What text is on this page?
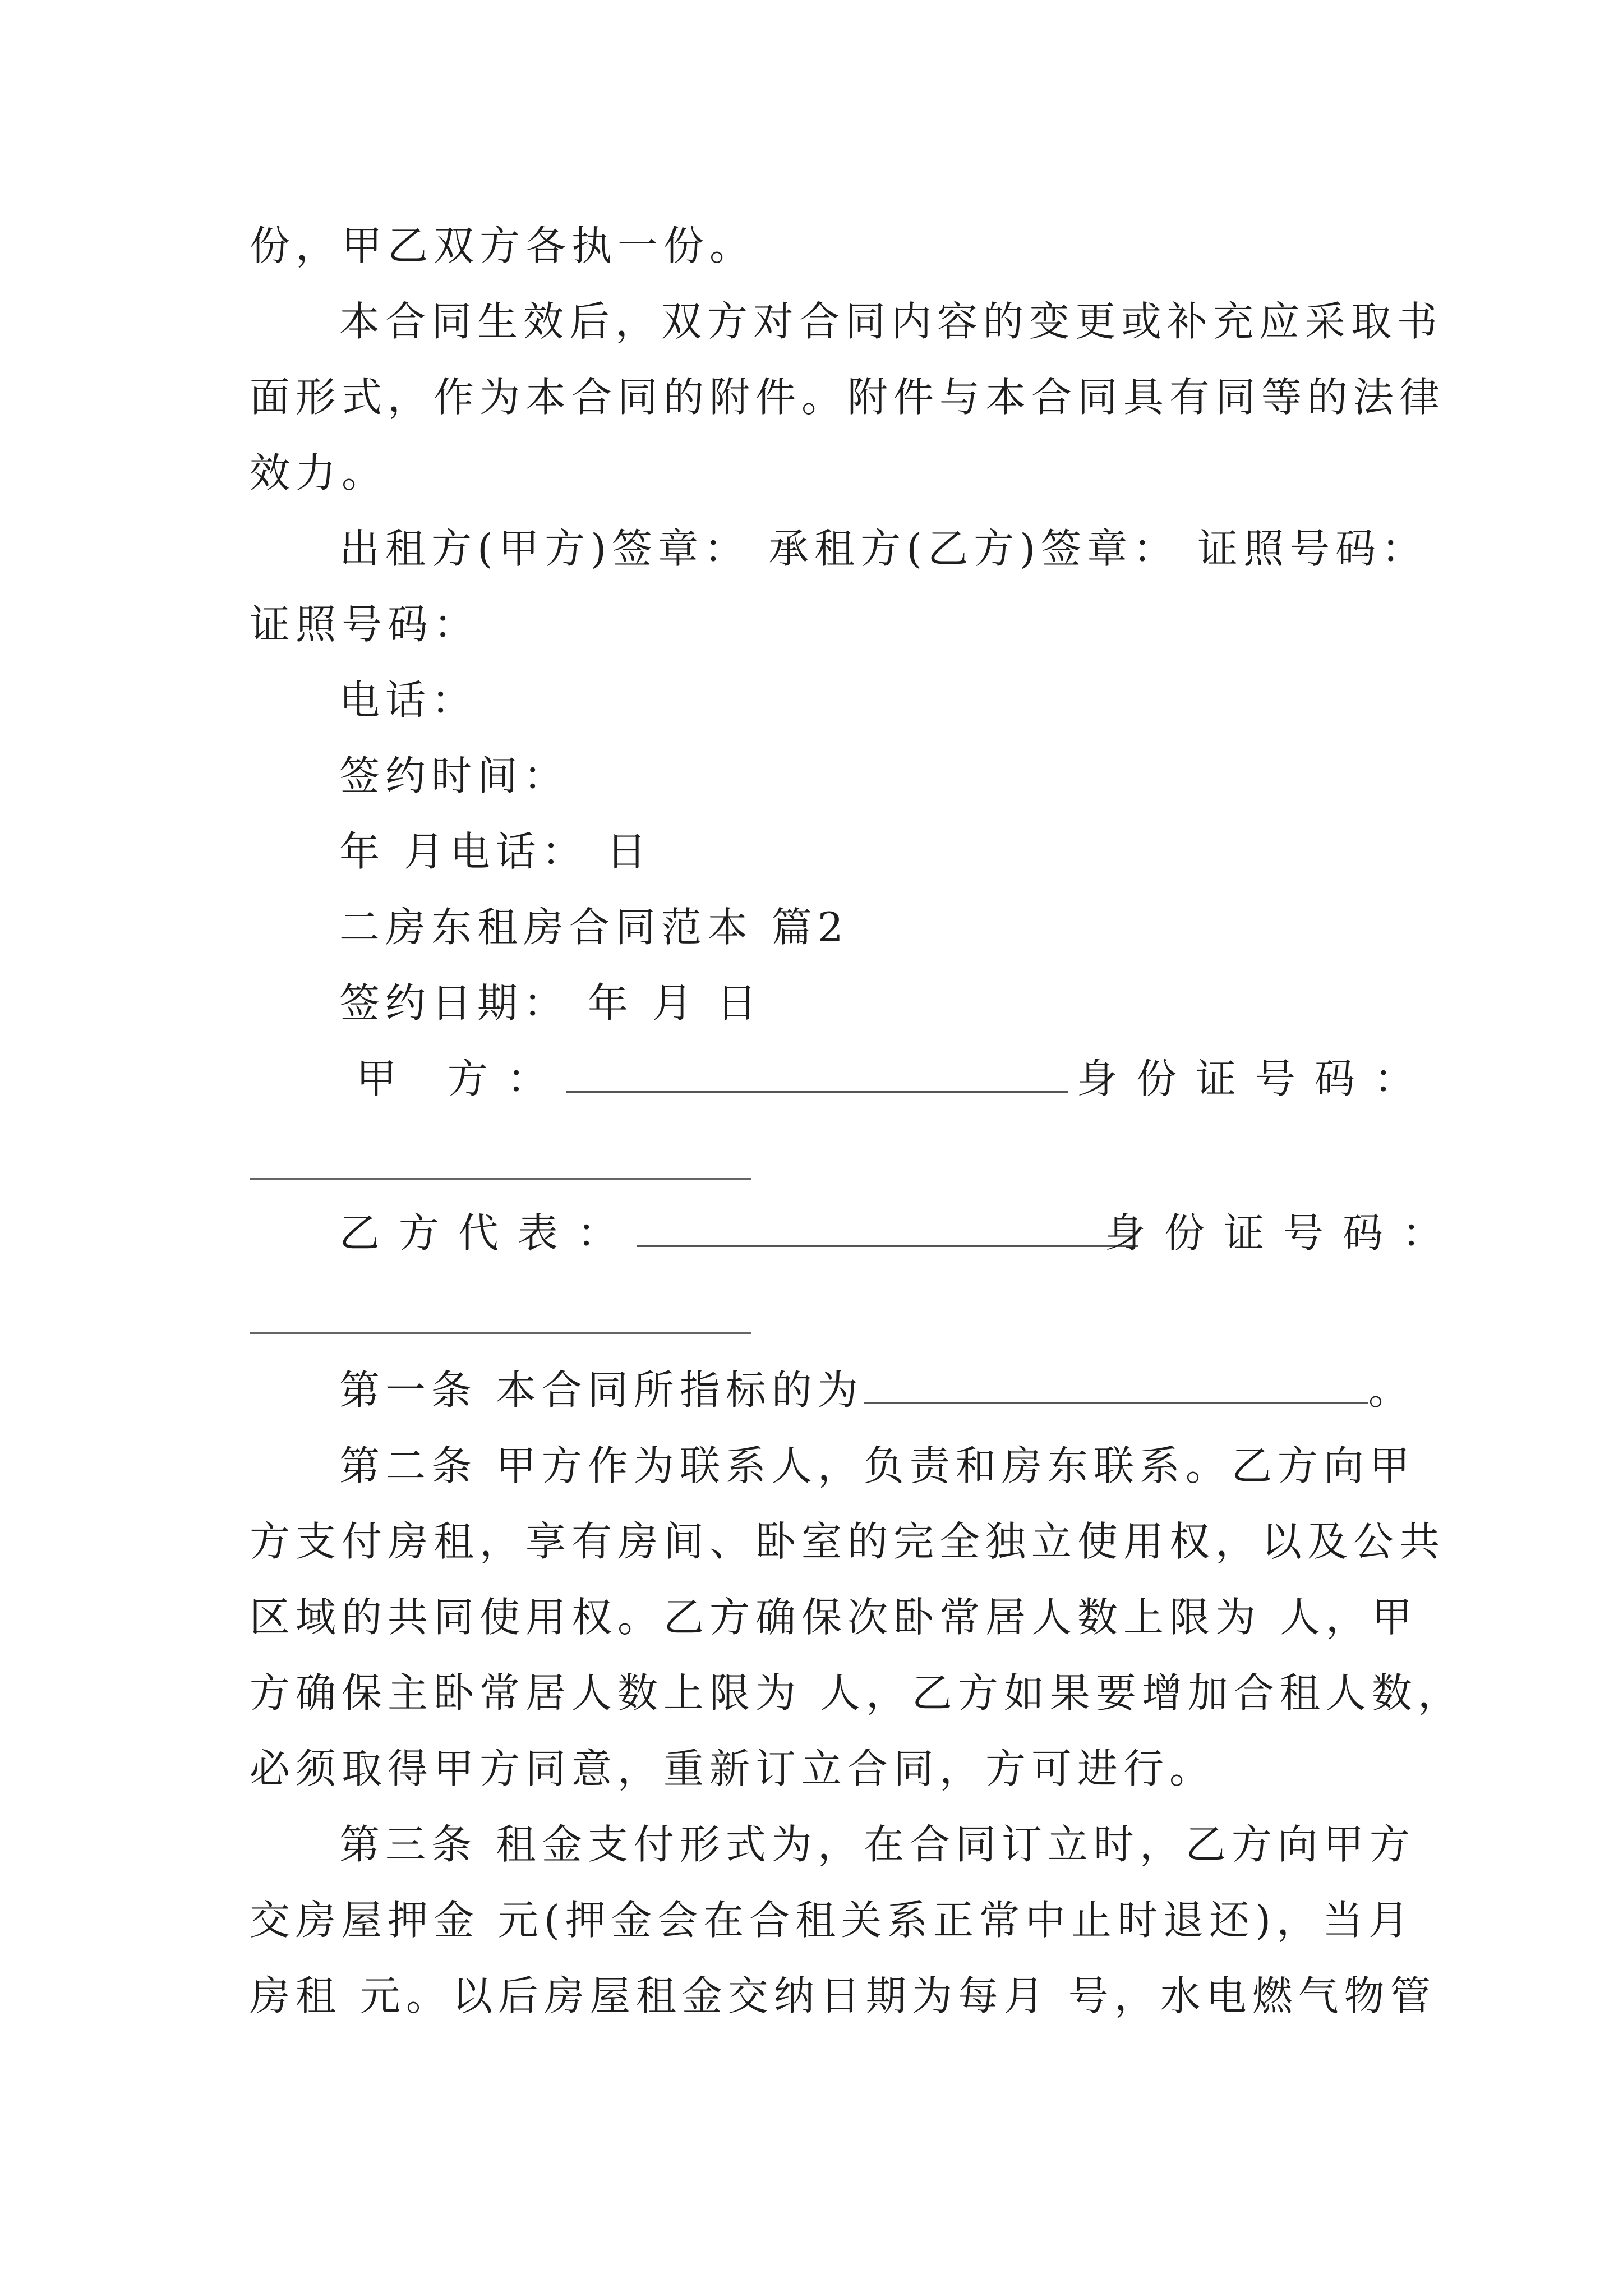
份，甲乙双方各执一份。
本合同生效后，双方对合同内容的变更或补充应采取书
面形式，作为本合同的附件。附件与本合同具有同等的法律
效力。
出租方(甲方)签章： 承租方(乙方)签章： 证照号码：
证照号码：
电话：
签约时间：
年 月电话： 日
二房东租房合同范本 篇2
签约日期： 年 月 日
甲 方：	身份证号码：
乙方代表：	身份证号码：
第一条 本合同所指标的为	。
第二条 甲方作为联系人，负责和房东联系。乙方向甲
方支付房租，享有房间、卧室的完全独立使用权，以及公共
区域的共同使用权。乙方确保次卧常居人数上限为 人，甲
方确保主卧常居人数上限为 人，乙方如果要增加合租人数，
必须取得甲方同意，重新订立合同，方可进行。
第三条 租金支付形式为，在合同订立时，乙方向甲方
交房屋押金 元(押金会在合租关系正常中止时退还)，当月
房租 元。以后房屋租金交纳日期为每月 号，水电燃气物管
